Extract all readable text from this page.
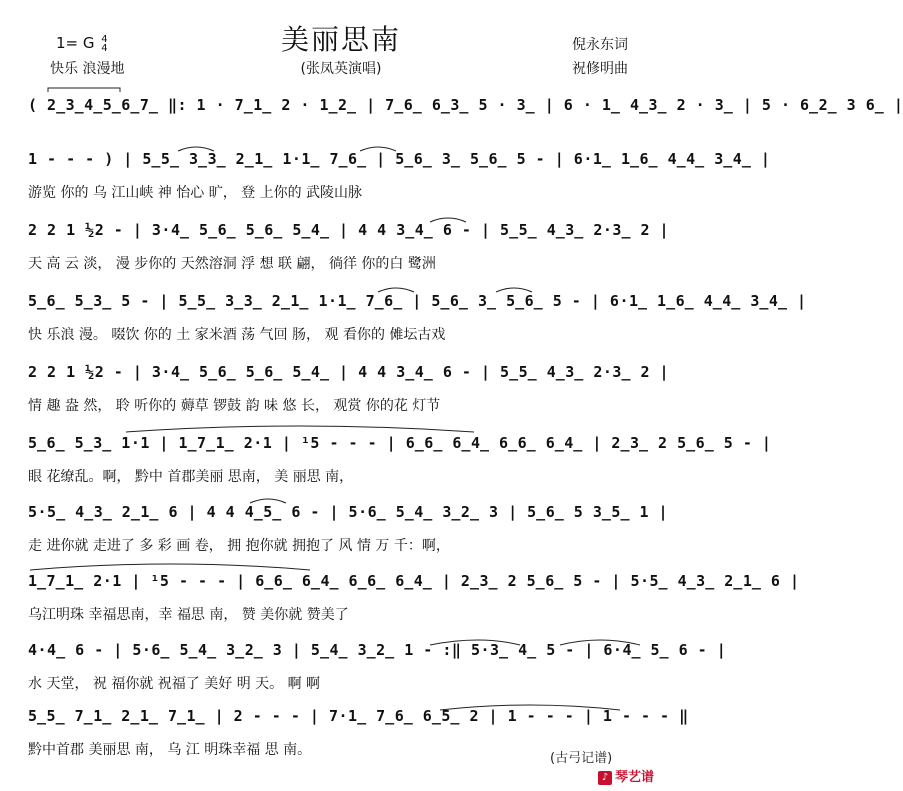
美丽思南
(张凤英演唱)
1= G 4
4
快乐 浪漫地
倪永东词
祝修明曲
( 2̲3̲4̲5̲6̲7̲ ‖: 1 · 7̲1̲ 2 · 1̲2̲ | 7̲6̲ 6̲3̲ 5 · 3̲ | 6 · 1̲ 4̲3̲ 2 · 3̲ | 5 · 6̲2̲ 3 6̲ |
1 - - - ) | 5̲5̲ 3̲3̲ 2̲1̲ 1·1̲ 7̲6̲ | 5̲6̲ 3̲ 5̲6̲ 5 - | 6·1̲ 1̲6̲ 4̲4̲ 3̲4̲ |
游览 你的 乌 江山峡 神 怡心 旷， 登 上你的 武陵山脉
2 2 1 ½2 - | 3·4̲ 5̲6̲ 5̲6̲ 5̲4̲ | 4 4 3̲4̲ 6 - | 5̲5̲ 4̲3̲ 2·3̲ 2 |
天 高 云 淡， 漫 步你的 天然溶洞 浮 想 联 翩， 徜徉 你的白 鹭洲
5̲6̲ 5̲3̲ 5 - | 5̲5̲ 3̲3̲ 2̲1̲ 1·1̲ 7̲6̲ | 5̲6̲ 3̲ 5̲6̲ 5 - | 6·1̲ 1̲6̲ 4̲4̲ 3̲4̲ |
快 乐浪 漫。 啜饮 你的 土 家米酒 荡 气回 肠， 观 看你的 傩坛古戏
2 2 1 ½2 - | 3·4̲ 5̲6̲ 5̲6̲ 5̲4̲ | 4 4 3̲4̲ 6 - | 5̲5̲ 4̲3̲ 2·3̲ 2 |
情 趣 盎 然， 聆 听你的 薅草 锣鼓 韵 味 悠 长， 观赏 你的花 灯节
5̲6̲ 5̲3̲ 1·1 | 1̲7̲1̲ 2·1 | ¹5 - - - | 6̲6̲ 6̲4̲ 6̲6̲ 6̲4̲ | 2̲3̲ 2 5̲6̲ 5 - |
眼 花缭乱。啊， 黔中 首郡美丽 思南， 美 丽思 南，
5·5̲ 4̲3̲ 2̲1̲ 6 | 4 4 4̲5̲ 6 - | 5·6̲ 5̲4̲ 3̲2̲ 3 | 5̲6̲ 5 3̲5̲ 1 |
走 进你就 走进了 多 彩 画 卷， 拥 抱你就 拥抱了 风 情 万 千：啊，
1̲7̲1̲ 2·1 | ¹5 - - - | 6̲6̲ 6̲4̲ 6̲6̲ 6̲4̲ | 2̲3̲ 2 5̲6̲ 5 - | 5·5̲ 4̲3̲ 2̲1̲ 6 |
乌江明珠 幸福思南，幸 福思 南， 赞 美你就 赞美了
4·4̲ 6 - | 5·6̲ 5̲4̲ 3̲2̲ 3 | 5̲4̲ 3̲2̲ 1 - :‖ 5·3̲ 4̲ 5 - | 6·4̲ 5̲ 6 - |
水 天堂， 祝 福你就 祝福了 美好 明 天。 啊 啊
5̲5̲ 7̲1̲ 2̲1̲ 7̲1̲ | 2 - - - | 7·1̲ 7̲6̲ 6̲5̲ 2 | 1 - - - | 1 - - - ‖
黔中首郡 美丽思 南， 乌 江 明珠幸福 思 南。
(古弓记谱)
♪ 琴艺谱
